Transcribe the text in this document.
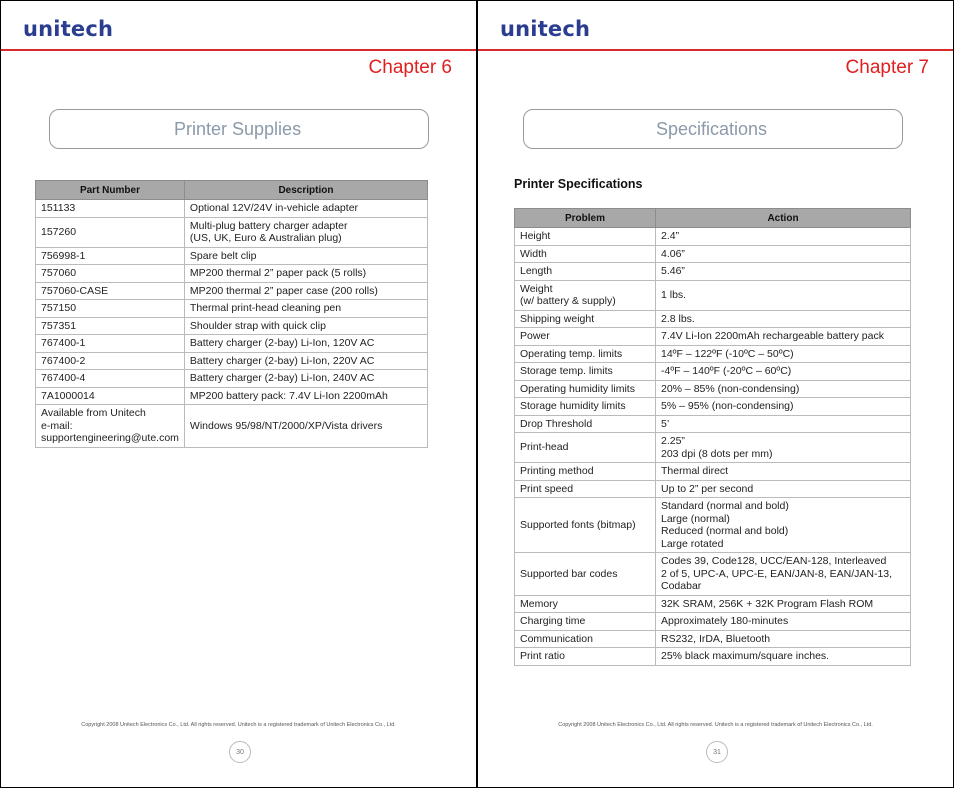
unitech
Chapter 6
Printer Supplies
Part Number	Description
151133	Optional 12V/24V in-vehicle adapter
157260	Multi-plug battery charger adapter
(US, UK, Euro & Australian plug)
756998-1	Spare belt clip
757060	MP200 thermal 2” paper pack (5 rolls)
757060-CASE	MP200 thermal 2” paper case (200 rolls)
757150	Thermal print-head cleaning pen
757351	Shoulder strap with quick clip
767400-1	Battery charger (2-bay) Li-Ion, 120V AC
767400-2	Battery charger (2-bay) Li-Ion, 220V AC
767400-4	Battery charger (2-bay) Li-Ion, 240V AC
7A1000014	MP200 battery pack: 7.4V Li-Ion 2200mAh
Available from Unitech
e-mail:
supportengineering@ute.com	Windows 95/98/NT/2000/XP/Vista drivers
Copyright 2008 Unitech Electronics Co., Ltd. All rights reserved. Unitech is a registered trademark of Unitech Electronics Co., Ltd.
30
unitech
Chapter 7
Specifications
Printer Specifications
Problem	Action
Height	2.4”
Width	4.06”
Length	5.46”
Weight
(w/ battery & supply)	1 lbs.
Shipping weight	2.8 lbs.
Power	7.4V Li-Ion 2200mAh rechargeable battery pack
Operating temp. limits	14ºF – 122ºF (-10ºC – 50ºC)
Storage temp. limits	-4ºF – 140ºF (-20ºC – 60ºC)
Operating humidity limits	20% – 85% (non-condensing)
Storage humidity limits	5% – 95% (non-condensing)
Drop Threshold	5’
Print-head	2.25”
203 dpi (8 dots per mm)
Printing method	Thermal direct
Print speed	Up to 2” per second
Supported fonts (bitmap)	Standard (normal and bold)
Large (normal)
Reduced (normal and bold)
Large rotated
Supported bar codes	Codes 39, Code128, UCC/EAN-128, Interleaved
2 of 5, UPC-A, UPC-E, EAN/JAN-8, EAN/JAN-13,
Codabar
Memory	32K SRAM, 256K + 32K Program Flash ROM
Charging time	Approximately 180-minutes
Communication	RS232, IrDA, Bluetooth
Print ratio	25% black maximum/square inches.
Copyright 2008 Unitech Electronics Co., Ltd. All rights reserved. Unitech is a registered trademark of Unitech Electronics Co., Ltd.
31
